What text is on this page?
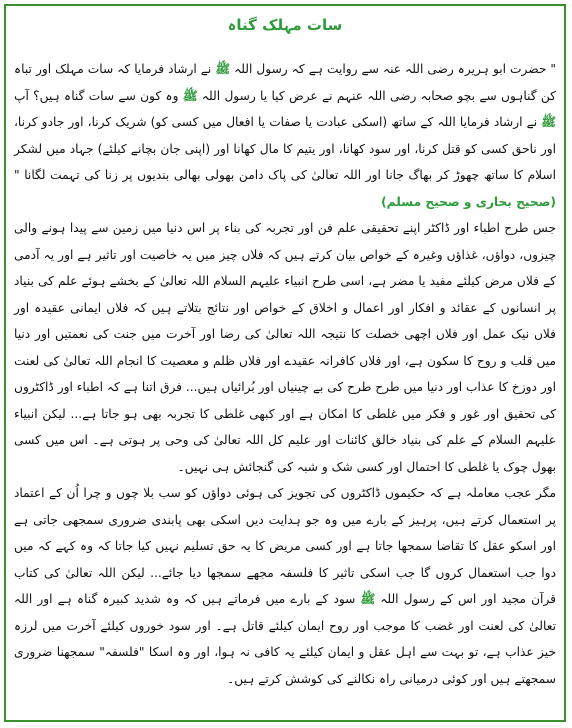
سات مہلک گناہ

" حضرت ابو ہریرہ رضی اللہ عنہ سے روایت ہے کہ رسول اللہ ﷺ نے ارشاد فرمایا کہ سات مہلک اور تباہ کن گناہوں سے بچو صحابہ رضی اللہ عنہم نے عرض کیا یا رسول اللہ ﷺ وہ کون سے سات گناہ ہیں؟ آپ ﷺ نے ارشاد فرمایا اللہ کے ساتھ (اسکی عبادت یا صفات یا افعال میں کسی کو) شریک کرنا، اور جادو کرنا، اور ناحق کسی کو قتل کرنا، اور سود کھانا، اور یتیم کا مال کھانا اور (اپنی جان بچانے کیلئے) جہاد میں لشکر اسلام کا ساتھ چھوڑ کر بھاگ جانا اور اللہ تعالیٰ کی پاک دامن بھولی بھالی بندیوں پر زنا کی تہمت لگانا " (صحیح بخاری و صحیح مسلم)

جس طرح اطباء اور ڈاکٹر اپنے تحقیقی علم فن اور تجربہ کی بناء پر اس دنیا میں زمین سے پیدا ہونے والی چیزوں، دواؤں، غذاؤں وغیرہ کے خواص بیان کرتے ہیں کہ فلاں چیز میں یہ خاصیت اور تاثیر ہے اور یہ آدمی کے فلاں مرض کیلئے مفید یا مضر ہے، اسی طرح انبیاء علیہم السلام اللہ تعالیٰ کے بخشے ہوئے علم کی بنیاد پر انسانوں کے عقائد و افکار اور اعمال و اخلاق کے خواص اور نتائج بتلاتے ہیں کہ فلاں ایمانی عقیدہ اور فلاں نیک عمل اور فلاں اچھی خصلت کا نتیجہ اللہ تعالیٰ کی رضا اور آخرت میں جنت کی نعمتیں اور دنیا میں قلب و روح کا سکون ہے، اور فلاں کافرانہ عقیدے اور فلاں ظلم و معصیت کا انجام اللہ تعالیٰ کی لعنت اور دوزخ کا عذاب اور دنیا میں طرح طرح کی بے چینیاں اور بُرائیاں ہیں... فرق اتنا ہے کہ اطباء اور ڈاکٹروں کی تحقیق اور غور و فکر میں غلطی کا امکان ہے اور کبھی غلطی کا تجربہ بھی ہو جاتا ہے... لیکن انبیاء علیہم السلام کے علم کی بنیاد خالق کائنات اور علیم کل اللہ تعالیٰ کی وحی پر ہوتی ہے۔ اس میں کسی بھول چوک یا غلطی کا احتمال اور کسی شک و شبہ کی گنجائش ہی نہیں۔

مگر عجب معاملہ ہے کہ حکیموں ڈاکٹروں کی تجویز کی ہوئی دواؤں کو سب بلا چوں و چرا اُن کے اعتماد پر استعمال کرتے ہیں، پرہیز کے بارے میں وہ جو ہدایت دیں اسکی بھی پابندی ضروری سمجھی جاتی ہے اور اسکو عقل کا تقاضا سمجھا جاتا ہے اور کسی مریض کا یہ حق تسلیم نہیں کیا جاتا کہ وہ کہے کہ میں دوا جب استعمال کروں گا جب اسکی تاثیر کا فلسفہ مجھے سمجھا دیا جائے... لیکن اللہ تعالیٰ کی کتاب قرآن مجید اور اس کے رسول اللہ ﷺ سود کے بارے میں فرماتے ہیں کہ وہ شدید کبیرہ گناہ ہے اور اللہ تعالیٰ کی لعنت اور غضب کا موجب اور روح ایمان کیلئے قاتل ہے۔ اور سود خوروں کیلئے آخرت میں لرزہ خیز عذاب ہے، تو بہت سے اہل عقل و ایمان کیلئے یہ کافی نہ ہوا، اور وہ اسکا "فلسفہ" سمجھنا ضروری سمجھتے ہیں اور کوئی درمیانی راہ نکالنے کی کوشش کرتے ہیں۔
